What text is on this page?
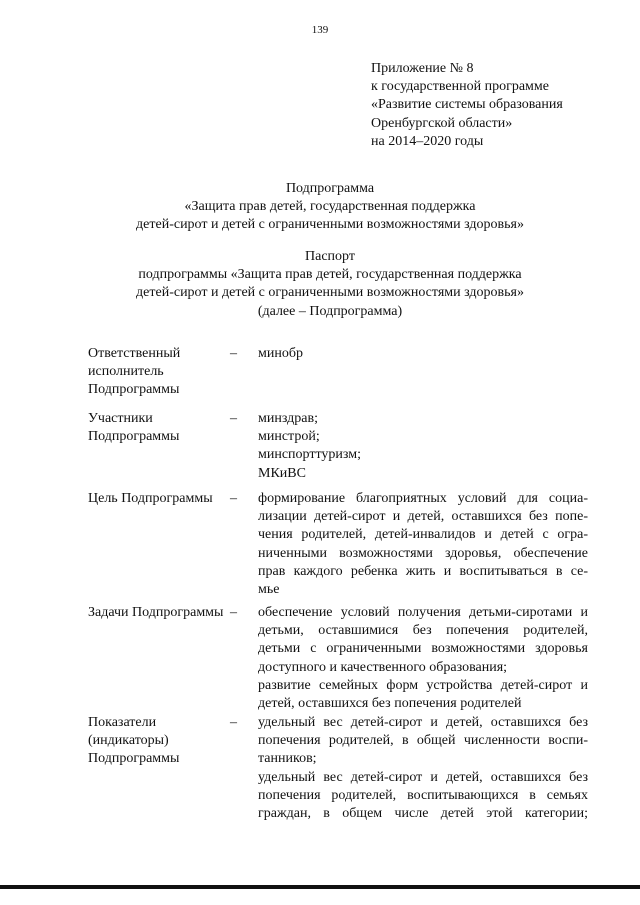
139
Приложение № 8
к государственной программе
«Развитие системы образования
Оренбургской области»
на 2014–2020 годы
Подпрограмма
«Защита прав детей, государственная поддержка
детей-сирот и детей с ограниченными возможностями здоровья»
Паспорт
подпрограммы «Защита прав детей, государственная поддержка
детей-сирот и детей с ограниченными возможностями здоровья»
(далее – Подпрограмма)
Ответственный
исполнитель
Подпрограммы
– минобр
Участники
Подпрограммы
– минздрав;
минстрой;
минспорттуризм;
МКиВС
Цель Подпрограммы	– формирование благоприятных условий для социа-
лизации детей-сирот и детей, оставшихся без попе-
чения родителей, детей-инвалидов и детей с огра-
ниченными возможностями здоровья, обеспечение
прав каждого ребенка жить и воспитываться в се-
мье
Задачи Подпрограммы – обеспечение условий получения детьми-сиротами и
детьми, оставшимися без попечения родителей,
детьми с ограниченными возможностями здоровья
доступного и качественного образования;
развитие семейных форм устройства детей-сирот и
детей, оставшихся без попечения родителей
Показатели
(индикаторы)
Подпрограммы
– удельный вес детей-сирот и детей, оставшихся без
попечения родителей, в общей численности воспи-
танников;
удельный вес детей-сирот и детей, оставшихся без
попечения родителей, воспитывающихся в семьях
граждан, в общем числе детей этой категории;
